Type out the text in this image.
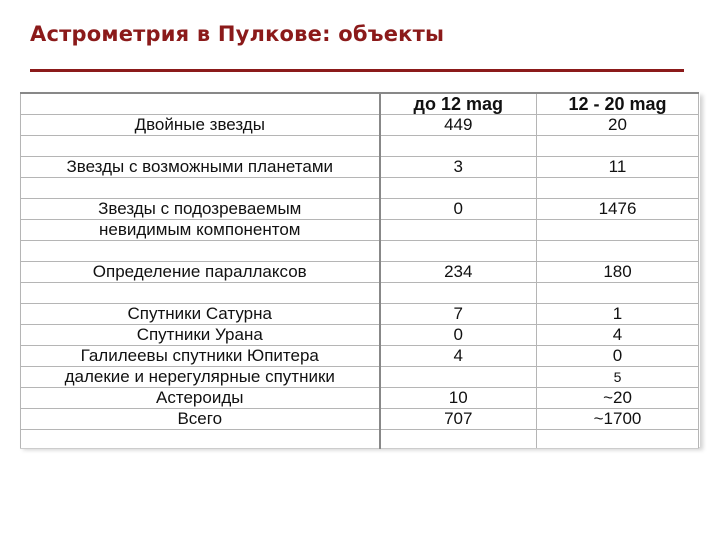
Астрометрия в Пулкове: объекты
	до 12 mag	12 - 20 mag
Двойные звезды	449	20

Звезды с возможными планетами	3	11

Звезды с подозреваемым	0	1476
невидимым компонентом		

Определение параллаксов	234	180

Спутники Сатурна	7	1
Спутники Урана	0	4
Галилеевы спутники Юпитера	4	0
далекие и нерегулярные спутники		5
Астероиды	10	~20
Всего	707	~1700
